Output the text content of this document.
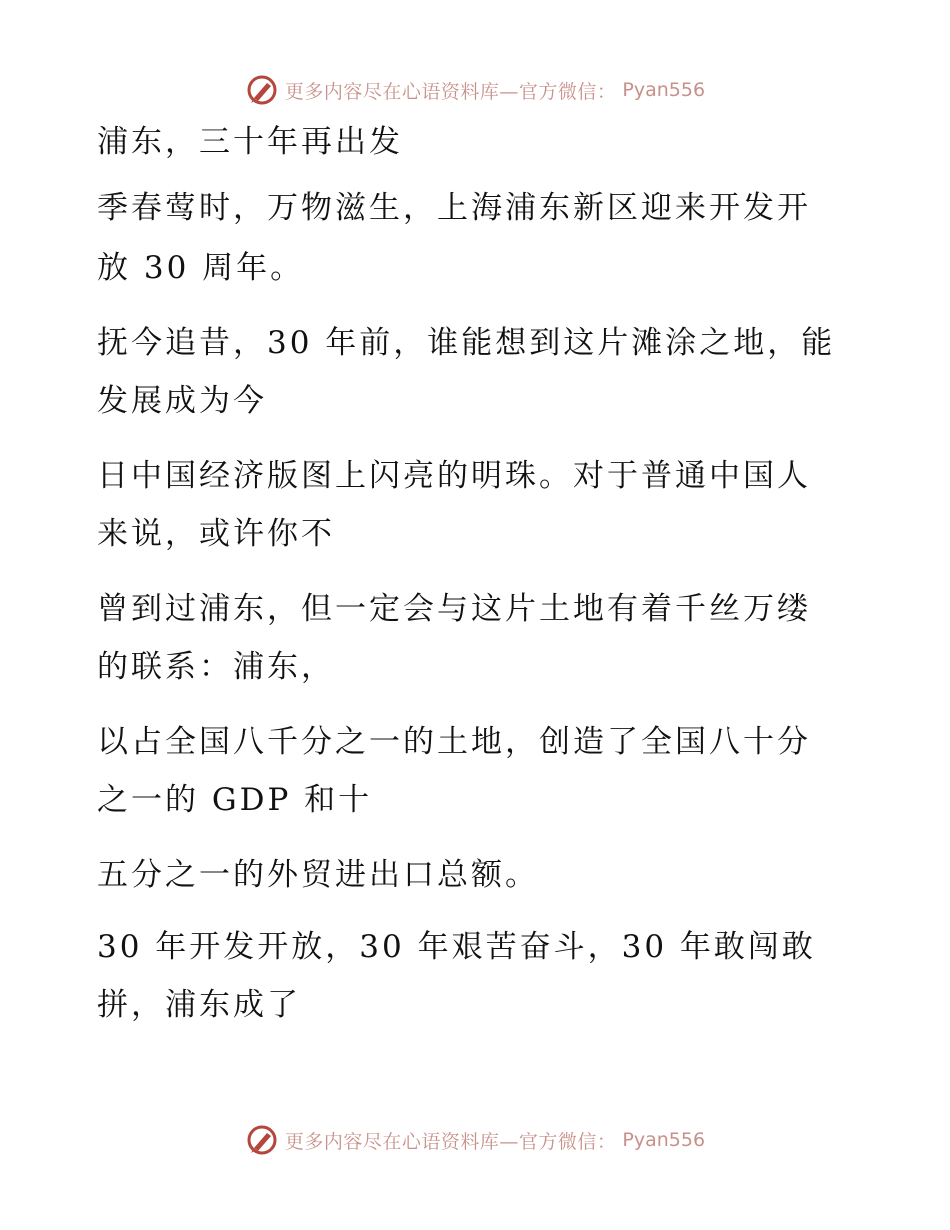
更多内容尽在心语资料库—官方微信： Pyan556
浦东，三十年再出发
季春莺时，万物滋生，上海浦东新区迎来开发开
放 30 周年。
抚今追昔，30 年前，谁能想到这片滩涂之地，能
发展成为今
日中国经济版图上闪亮的明珠。对于普通中国人
来说，或许你不
曾到过浦东，但一定会与这片土地有着千丝万缕
的联系：浦东，
以占全国八千分之一的土地，创造了全国八十分
之一的 GDP 和十
五分之一的外贸进出口总额。
30 年开发开放，30 年艰苦奋斗，30 年敢闯敢
拼，浦东成了
更多内容尽在心语资料库—官方微信： Pyan556
